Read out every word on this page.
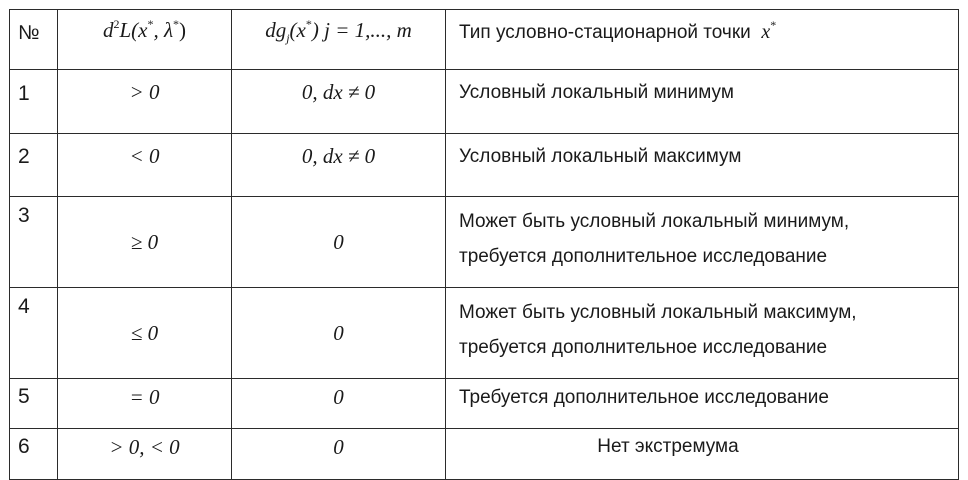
№	$d^2L(x^*$, λ*)	$dg_j(x^*) j = 1$,..., m	Тип условно-стационарной точки x*
1	> 0	0, dx ≠ 0	Условный локальный минимум

2	< 0	0, dx ≠ 0	Условный локальный максимум

3	≥ 0	0	Может быть условный локальный минимум,
требуется дополнительное исследование

4	≤ 0	0	Может быть условный локальный максимум,
требуется дополнительное исследование

5	= 0	0	Требуется дополнительное исследование

6	> 0, < 0	0	Нет экстремума
